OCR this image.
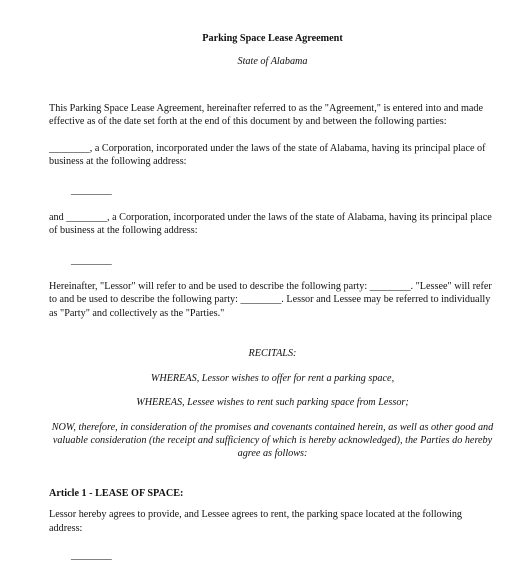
Parking Space Lease Agreement

State of Alabama

This Parking Space Lease Agreement, hereinafter referred to as the "Agreement," is entered into and made effective as of the date set forth at the end of this document by and between the following parties:

________, a Corporation, incorporated under the laws of the state of Alabama, having its principal place of business at the following address:

________

and ________, a Corporation, incorporated under the laws of the state of Alabama, having its principal place of business at the following address:

________

Hereinafter, "Lessor" will refer to and be used to describe the following party: ________. "Lessee" will refer to and be used to describe the following party: ________. Lessor and Lessee may be referred to individually as "Party" and collectively as the "Parties."

RECITALS:

WHEREAS, Lessor wishes to offer for rent a parking space,

WHEREAS, Lessee wishes to rent such parking space from Lessor;

NOW, therefore, in consideration of the promises and covenants contained herein, as well as other good and valuable consideration (the receipt and sufficiency of which is hereby acknowledged), the Parties do hereby agree as follows:

Article 1 - LEASE OF SPACE:

Lessor hereby agrees to provide, and Lessee agrees to rent, the parking space located at the following address:

________
